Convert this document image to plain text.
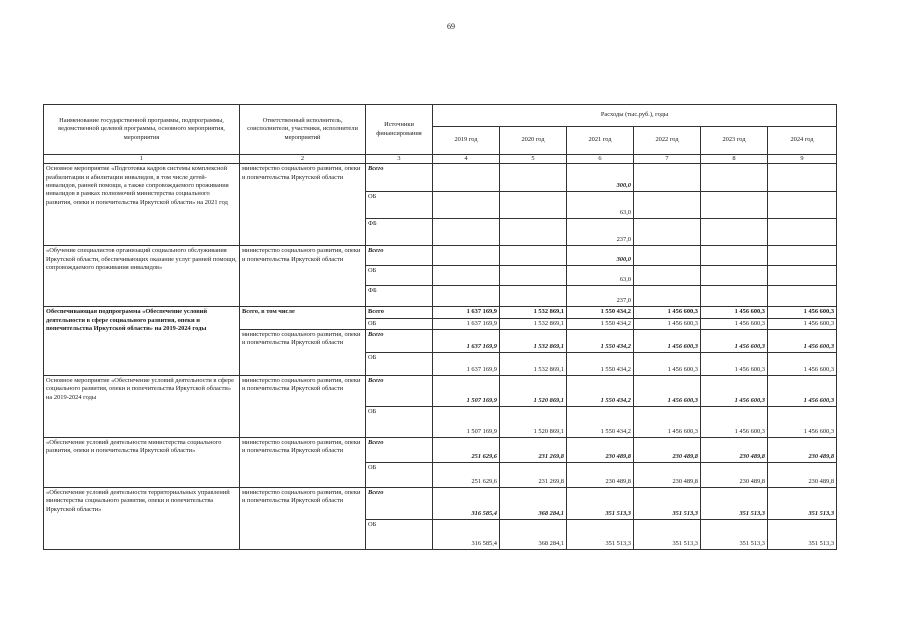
69
Наименование государственной программы, подпрограммы, ведомственной целевой программы, основного мероприятия, мероприятия	Ответственный исполнитель, соисполнители, участники, исполнители мероприятий	Источники финансирования	Расходы (тыс.руб.), годы					
			2019 год	2020 год	2021 год	2022 год	2023 год	2024 год
1	2	3	4	5	6	7	8	9
Основное мероприятие «Подготовка кадров системы комплексной реабилитации и абилитации инвалидов, в том числе детей-инвалидов, ранней помощи, а также сопровождаемого проживания инвалидов в рамках полномочий министерства социального развития, опеки и попечительства Иркутской области» на 2021 год	министерство социального развития, опеки и попечительства Иркутской области	Всего			300,0			
		ОБ			63,0			
		ФБ			237,0			
«Обучение специалистов организаций социального обслуживания Иркутской области, обеспечивающих оказание услуг ранней помощи, сопровождаемого проживания инвалидов»	министерство социального развития, опеки и попечительства Иркутской области	Всего			300,0			
		ОБ			63,0			
		ФБ			237,0			
Обеспечивающая подпрограмма «Обеспечение условий деятельности в сфере социального развития, опеки и попечительства Иркутской области» на 2019-2024 годы	Всего, в том числе	Всего	1 637 169,9	1 532 869,1	1 550 434,2	1 456 600,3	1 456 600,3	1 456 600,3
		ОБ	1 637 169,9	1 532 869,1	1 550 434,2	1 456 600,3	1 456 600,3	1 456 600,3
	министерство социального развития, опеки и попечительства Иркутской области	Всего	1 637 169,9	1 532 869,1	1 550 434,2	1 456 600,3	1 456 600,3	1 456 600,3
		ОБ	1 637 169,9	1 532 869,1	1 550 434,2	1 456 600,3	1 456 600,3	1 456 600,3
Основное мероприятие «Обеспечение условий деятельности в сфере социального развития, опеки и попечительства Иркутской области» на 2019-2024 годы	министерство социального развития, опеки и попечительства Иркутской области	Всего	1 507 169,9	1 520 869,1	1 550 434,2	1 456 600,3	1 456 600,3	1 456 600,3
		ОБ	1 507 169,9	1 520 869,1	1 550 434,2	1 456 600,3	1 456 600,3	1 456 600,3
«Обеспечение условий деятельности министерства социального развития, опеки и попечительства Иркутской области»	министерство социального развития, опеки и попечительства Иркутской области	Всего	251 629,6	231 269,8	230 489,8	230 489,8	230 489,8	230 489,8
		ОБ	251 629,6	231 269,8	230 489,8	230 489,8	230 489,8	230 489,8
«Обеспечение условий деятельности территориальных управлений министерства социального развития, опеки и попечительства Иркутской области»	министерство социального развития, опеки и попечительства Иркутской области	Всего	316 585,4	368 284,1	351 513,3	351 513,3	351 513,3	351 513,3
		ОБ	316 585,4	368 284,1	351 513,3	351 513,3	351 513,3	351 513,3
